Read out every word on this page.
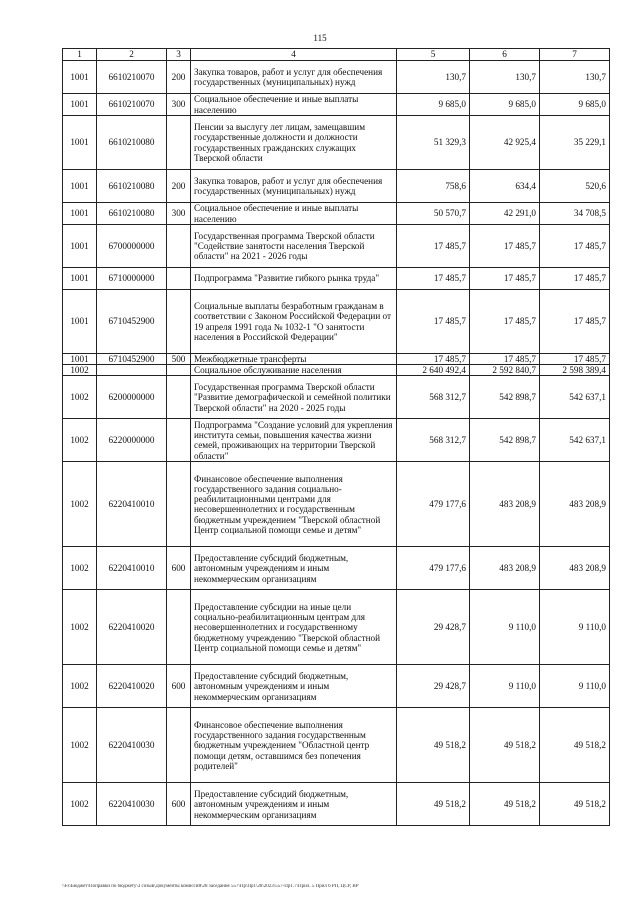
115
1	2	3	4	5	6	7
1001	6610210070	200	Закупка товаров, работ и услуг для обеспечения государственных (муниципальных) нужд	130,7	130,7	130,7
1001	6610210070	300	Социальное обеспечение и иные выплаты населению	9 685,0	9 685,0	9 685,0
1001	6610210080		Пенсии за выслугу лет лицам, замещавшим государственные должности и должности государственных гражданских служащих Тверской области	51 329,3	42 925,4	35 229,1
1001	6610210080	200	Закупка товаров, работ и услуг для обеспечения государственных (муниципальных) нужд	758,6	634,4	520,6
1001	6610210080	300	Социальное обеспечение и иные выплаты населению	50 570,7	42 291,0	34 708,5
1001	6700000000		Государственная программа Тверской области "Содействие занятости населения Тверской области" на 2021 - 2026 годы	17 485,7	17 485,7	17 485,7
1001	6710000000		Подпрограмма "Развитие гибкого рынка труда"	17 485,7	17 485,7	17 485,7
1001	6710452900		Социальные выплаты безработным гражданам в соответствии с Законом Российской Федерации от 19 апреля 1991 года № 1032-1 "О занятости населения в Российской Федерации"	17 485,7	17 485,7	17 485,7
1001	6710452900	500	Межбюджетные трансферты	17 485,7	17 485,7	17 485,7
1002			Социальное обслуживание населения	2 640 492,4	2 592 840,7	2 598 389,4
1002	6200000000		Государственная программа Тверской области "Развитие демографической и семейной политики Тверской области" на 2020 - 2025 годы	568 312,7	542 898,7	542 637,1
1002	6220000000		Подпрограмма "Создание условий для укрепления института семьи, повышения качества жизни семей, проживающих на территории Тверской области"	568 312,7	542 898,7	542 637,1
1002	6220410010		Финансовое обеспечение выполнения государственного задания социально-реабилитационными центрами для несовершеннолетних и государственным бюджетным учреждением "Тверской областной Центр социальной помощи семье и детям"	479 177,6	483 208,9	483 208,9
1002	6220410010	600	Предоставление субсидий бюджетным, автономным учреждениям и иным некоммерческим организациям	479 177,6	483 208,9	483 208,9
1002	6220410020		Предоставление субсидии на иные цели социально-реабилитационным центрам для несовершеннолетних и государственному бюджетному учреждению "Тверской областной Центр социальной помощи семье и детям"	29 428,7	9 110,0	9 110,0
1002	6220410020	600	Предоставление субсидий бюджетным, автономным учреждениям и иным некоммерческим организациям	29 428,7	9 110,0	9 110,0
1002	6220410030		Финансовое обеспечение выполнения государственного задания государственным бюджетным учреждением "Областной центр помощи детям, оставшимся без попечения родителей"	49 518,2	49 518,2	49 518,2
1002	6220410030	600	Предоставление субсидий бюджетным, автономным учреждениям и иным некоммерческим организациям	49 518,2	49 518,2	49 518,2
\\Fs\Бюджет\Поправки по бюджету\3 созыв\Документы комиссий\28 заседание 557\Пр\Пр1\28\2023\557-Пр1.7\Прил. 5 Прил 6 РП, ЦСР, ВР
